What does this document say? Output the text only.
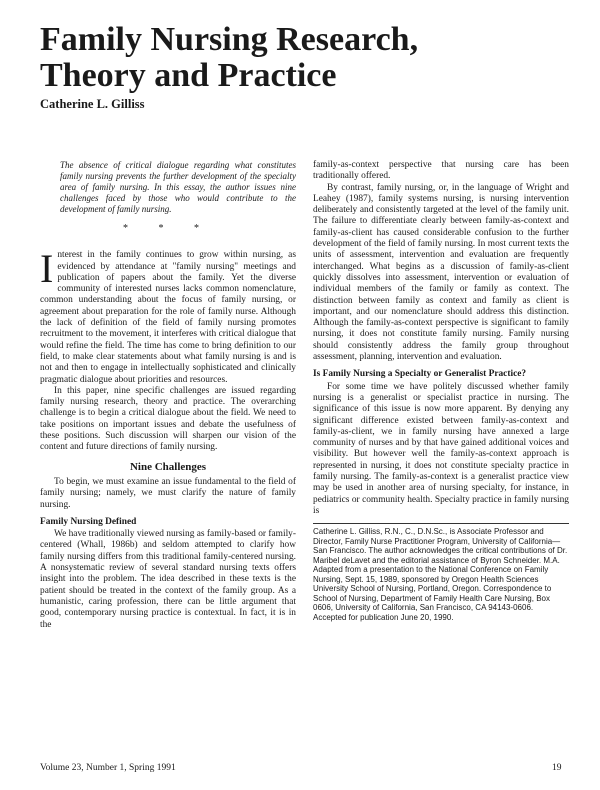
Family Nursing Research,
Theory and Practice
Catherine L. Gilliss

The absence of critical dialogue regarding what constitutes family nursing prevents the further development of the specialty area of family nursing. In this essay, the author issues nine challenges faced by those who would contribute to the development of family nursing.

* * *

Interest in the family continues to grow within nursing, as evidenced by attendance at "family nursing" meetings and publication of papers about the family. Yet the diverse community of interested nurses lacks common nomenclature, common understanding about the focus of family nursing, or agreement about preparation for the role of family nurse. Although the lack of definition of the field of family nursing promotes recruitment to the movement, it interferes with critical dialogue that would refine the field. The time has come to bring definition to our field, to make clear statements about what family nursing is and is not and then to engage in intellectually sophisticated and clinically pragmatic dialogue about priorities and resources.

In this paper, nine specific challenges are issued regarding family nursing research, theory and practice. The overarching challenge is to begin a critical dialogue about the field. We need to take positions on important issues and debate the usefulness of these positions. Such discussion will sharpen our vision of the content and future directions of family nursing.

Nine Challenges

To begin, we must examine an issue fundamental to the field of family nursing; namely, we must clarify the nature of family nursing.

Family Nursing Defined

We have traditionally viewed nursing as family-based or family-centered (Whall, 1986b) and seldom attempted to clarify how family nursing differs from this traditional family-centered nursing. A nonsystematic review of several standard nursing texts offers insight into the problem. The idea described in these texts is the patient should be treated in the context of the family group. As a humanistic, caring profession, there can be little argument that good, contemporary nursing practice is contextual. In fact, it is in the

family-as-context perspective that nursing care has been traditionally offered.

By contrast, family nursing, or, in the language of Wright and Leahey (1987), family systems nursing, is nursing intervention deliberately and consistently targeted at the level of the family unit. The failure to differentiate clearly between family-as-context and family-as-client has caused considerable confusion to the further development of the field of family nursing. In most current texts the units of assessment, intervention and evaluation are frequently interchanged. What begins as a discussion of family-as-client quickly dissolves into assessment, intervention or evaluation of individual members of the family or family as context. The distinction between family as context and family as client is important, and our nomenclature should address this distinction. Although the family-as-context perspective is significant to family nursing, it does not constitute family nursing. Family nursing should consistently address the family group throughout assessment, planning, intervention and evaluation.

Is Family Nursing a Specialty or Generalist Practice?

For some time we have politely discussed whether family nursing is a generalist or specialist practice in nursing. The significance of this issue is now more apparent. By denying any significant difference existed between family-as-context and family-as-client, we in family nursing have annexed a large community of nurses and by that have gained additional voices and visibility. But however well the family-as-context approach is represented in nursing, it does not constitute specialty practice in family nursing. The family-as-context is a generalist practice view may be used in another area of nursing specialty, for instance, in pediatrics or community health. Specialty practice in family nursing is

Catherine L. Gilliss, R.N., C., D.N.Sc., is Associate Professor and Director, Family Nurse Practitioner Program, University of California—San Francisco. The author acknowledges the critical contributions of Dr. Maribel deLavet and the editorial assistance of Byron Schneider. M.A. Adapted from a presentation to the National Conference on Family Nursing, Sept. 15, 1989, sponsored by Oregon Health Sciences University School of Nursing, Portland, Oregon. Correspondence to School of Nursing, Department of Family Health Care Nursing, Box 0606, University of California, San Francisco, CA 94143-0606.
Accepted for publication June 20, 1990.
Volume 23, Number 1, Spring 1991	19
